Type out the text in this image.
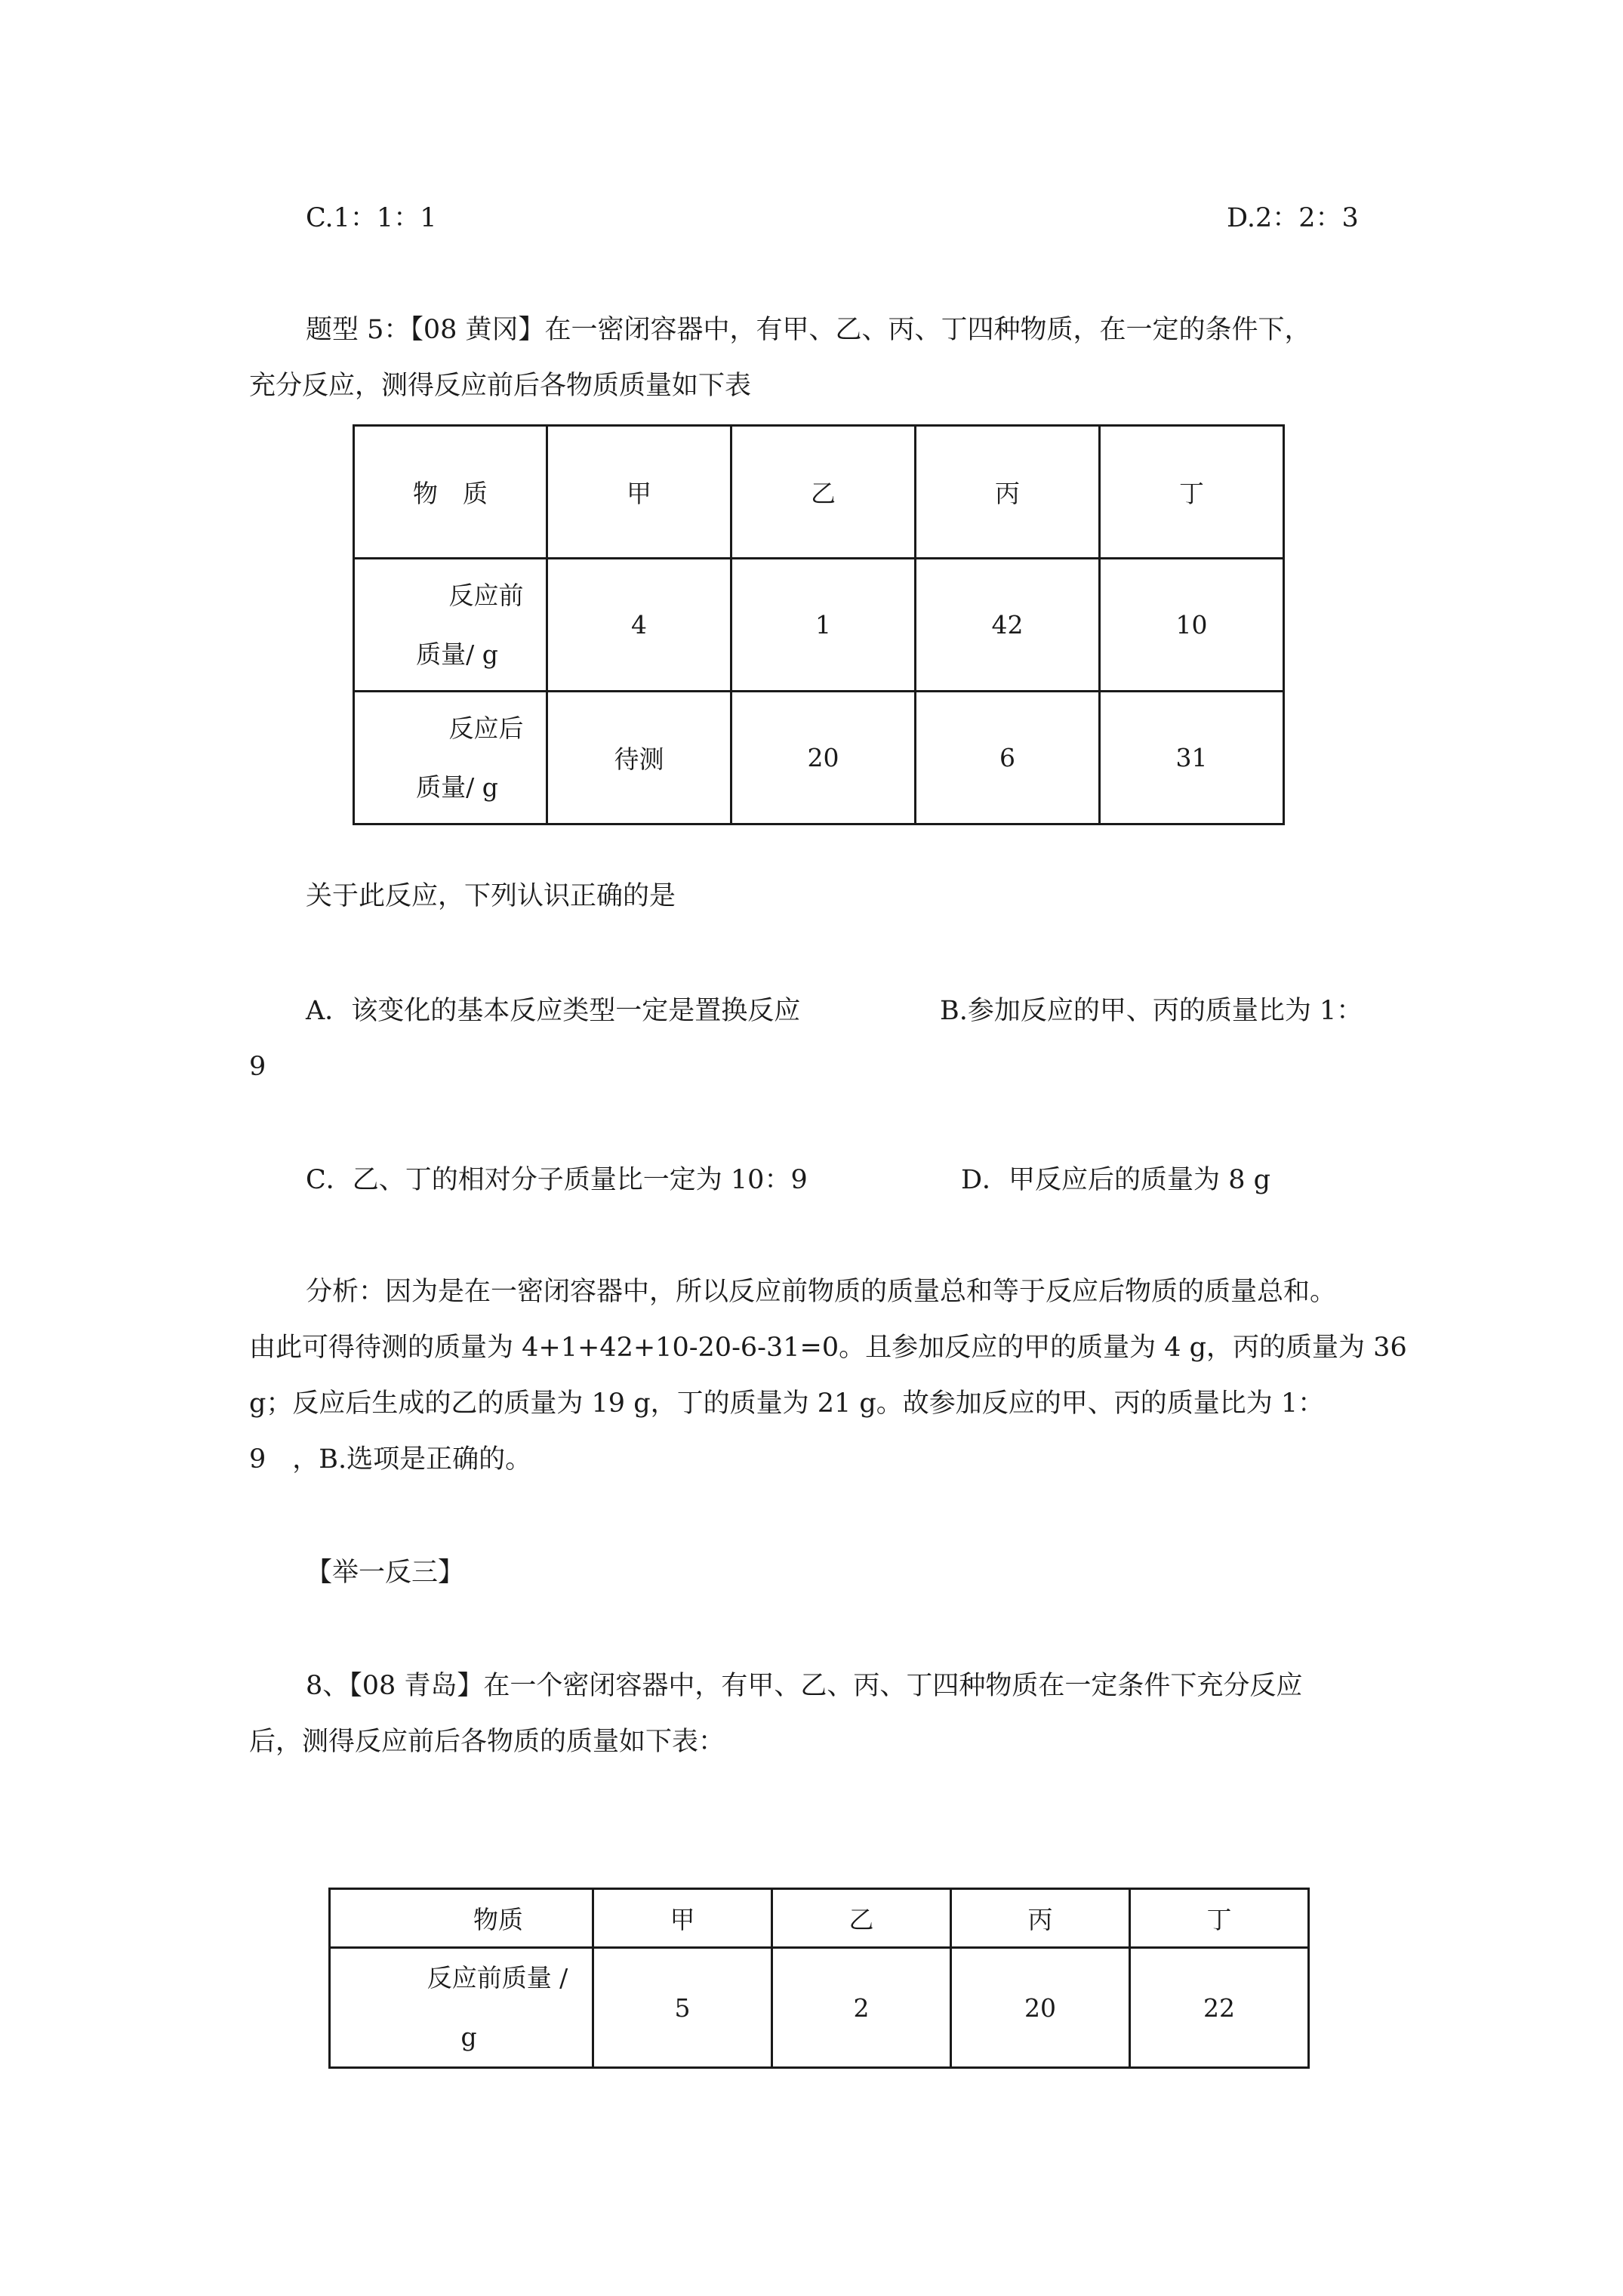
C.1：1：1	D.2：2：3
题型 5：【08 黄冈】在一密闭容器中，有甲、乙、丙、丁四种物质，在一定的条件下，
充分反应，测得反应前后各物质质量如下表
物　质	甲	乙	丙	丁

反应前
质量/ g	4	1	42	10

反应后
质量/ g	待测	20	6	31
关于此反应，下列认识正确的是
A．该变化的基本反应类型一定是置换反应	B.参加反应的甲、丙的质量比为 1：
9
C．乙、丁的相对分子质量比一定为 10：9	D．甲反应后的质量为 8 g
分析：因为是在一密闭容器中，所以反应前物质的质量总和等于反应后物质的质量总和。
由此可得待测的质量为 4+1+42+10-20-6-31=0。且参加反应的甲的质量为 4 g，丙的质量为 36
g；反应后生成的乙的质量为 19 g，丁的质量为 21 g。故参加反应的甲、丙的质量比为 1：
9　，B.选项是正确的。
【举一反三】
8、【08 青岛】在一个密闭容器中，有甲、乙、丙、丁四种物质在一定条件下充分反应
后，测得反应前后各物质的质量如下表：
物质	甲	乙	丙	丁

反应前质量 /
g	5	2	20	22
